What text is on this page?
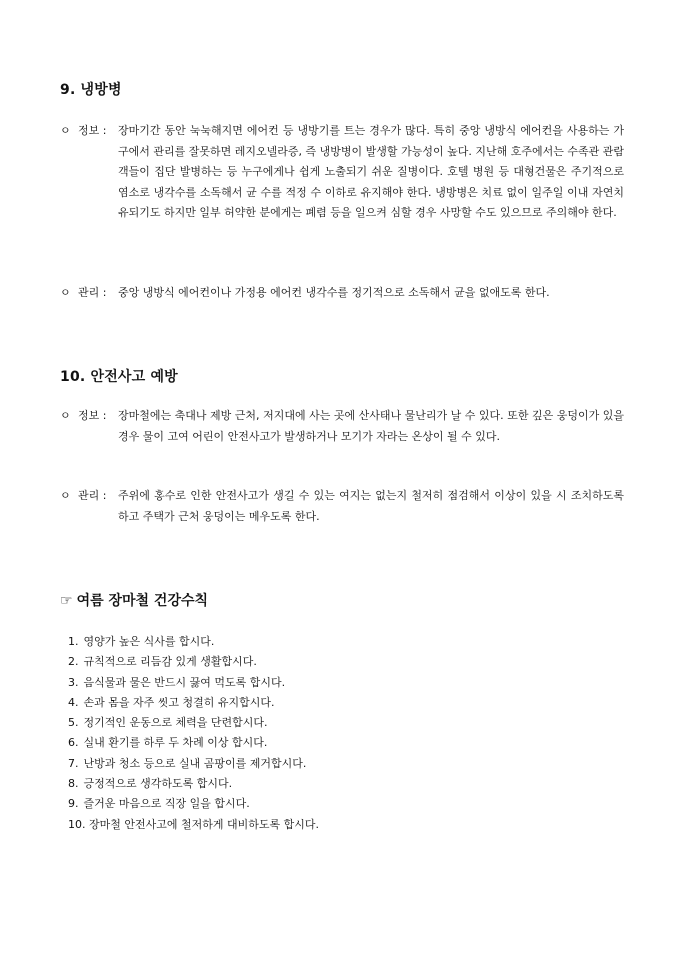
9. 냉방병
ㅇ 정보 :	장마기간 동안 눅눅해지면 에어컨 등 냉방기를 트는 경우가 많다. 특히 중앙 냉방식 에어컨을 사용하는 가구에서 관리를 잘못하면 레지오넬라증, 즉 냉방병이 발생할 가능성이 높다. 지난해 호주에서는 수족관 관람객들이 집단 발병하는 등 누구에게나 쉽게 노출되기 쉬운 질병이다. 호텔 병원 등 대형건물은 주기적으로 염소로 냉각수를 소독해서 균 수를 적정 수 이하로 유지해야 한다. 냉방병은 치료 없이 일주일 이내 자연치유되기도 하지만 일부 허약한 분에게는 폐렴 등을 일으켜 심할 경우 사망할 수도 있으므로 주의해야 한다.
ㅇ 관리 :	중앙 냉방식 에어컨이나 가정용 에어컨 냉각수를 정기적으로 소독해서 균을 없애도록 한다.
10. 안전사고 예방
ㅇ 정보 :	장마철에는 축대나 제방 근처, 저지대에 사는 곳에 산사태나 물난리가 날 수 있다. 또한 깊은 웅덩이가 있을 경우 물이 고여 어린이 안전사고가 발생하거나 모기가 자라는 온상이 될 수 있다.
ㅇ 관리 :	주위에 홍수로 인한 안전사고가 생길 수 있는 여지는 없는지 철저히 점검해서 이상이 있을 시 조치하도록 하고 주택가 근처 웅덩이는 메우도록 한다.
☞ 여름 장마철 건강수칙
1. 영양가 높은 식사를 합시다.
2. 규칙적으로 리듬감 있게 생활합시다.
3. 음식물과 물은 반드시 끓여 먹도록 합시다.
4. 손과 몸을 자주 씻고 청결히 유지합시다.
5. 정기적인 운동으로 체력을 단련합시다.
6. 실내 환기를 하루 두 차례 이상 합시다.
7. 난방과 청소 등으로 실내 곰팡이를 제거합시다.
8. 긍정적으로 생각하도록 합시다.
9. 즐거운 마음으로 직장 일을 합시다.
10. 장마철 안전사고에 철저하게 대비하도록 합시다.
